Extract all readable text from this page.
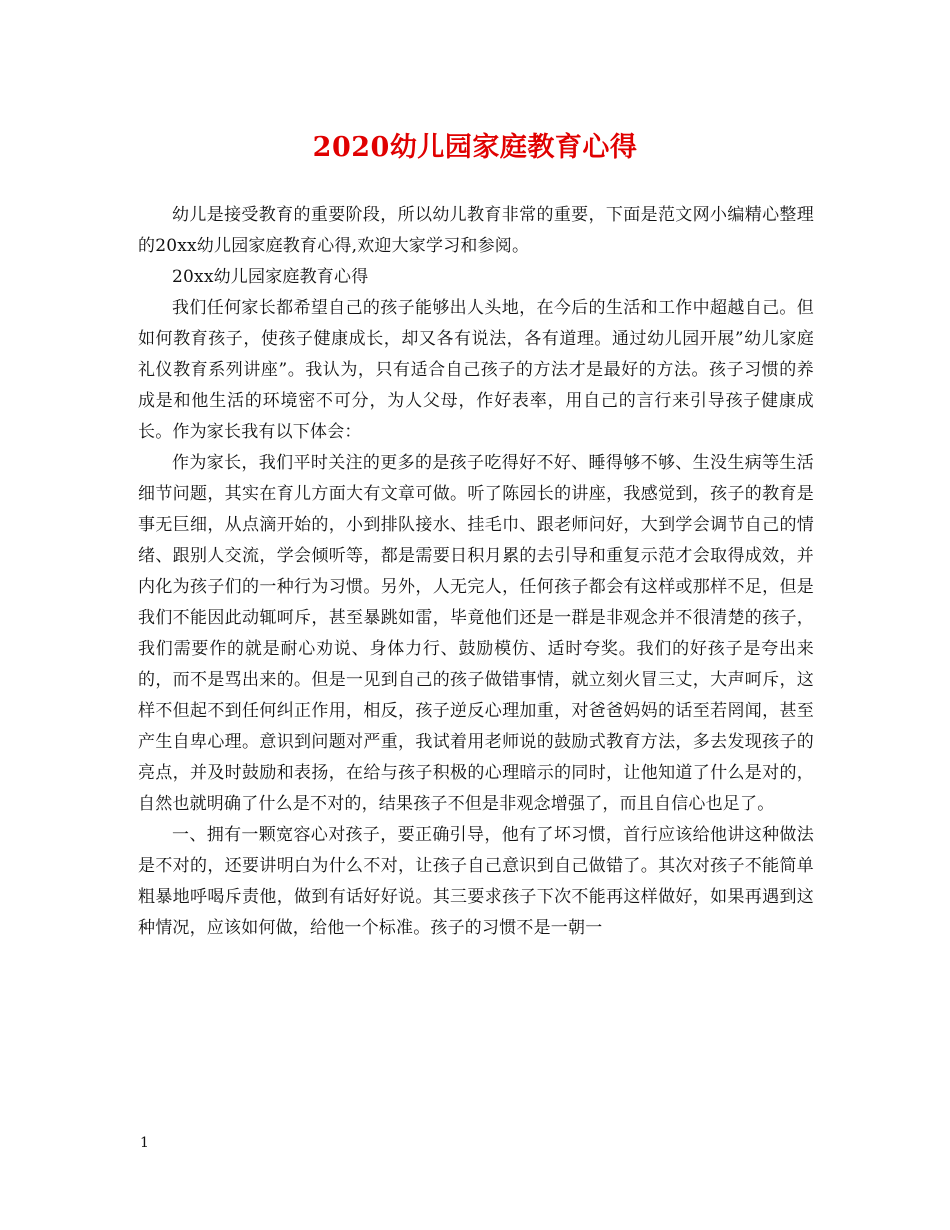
2020幼儿园家庭教育心得

幼儿是接受教育的重要阶段，所以幼儿教育非常的重要，下面是范文网小编精心整理的20xx幼儿园家庭教育心得,欢迎大家学习和参阅。

20xx幼儿园家庭教育心得

我们任何家长都希望自己的孩子能够出人头地，在今后的生活和工作中超越自己。但如何教育孩子，使孩子健康成长，却又各有说法，各有道理。通过幼儿园开展”幼儿家庭礼仪教育系列讲座”。我认为，只有适合自己孩子的方法才是最好的方法。孩子习惯的养成是和他生活的环境密不可分，为人父母，作好表率，用自己的言行来引导孩子健康成长。作为家长我有以下体会：

作为家长，我们平时关注的更多的是孩子吃得好不好、睡得够不够、生没生病等生活细节问题，其实在育儿方面大有文章可做。听了陈园长的讲座，我感觉到，孩子的教育是事无巨细，从点滴开始的，小到排队接水、挂毛巾、跟老师问好，大到学会调节自己的情绪、跟别人交流，学会倾听等，都是需要日积月累的去引导和重复示范才会取得成效，并内化为孩子们的一种行为习惯。另外，人无完人，任何孩子都会有这样或那样不足，但是我们不能因此动辄呵斥，甚至暴跳如雷，毕竟他们还是一群是非观念并不很清楚的孩子，我们需要作的就是耐心劝说、身体力行、鼓励模仿、适时夸奖。我们的好孩子是夸出来的，而不是骂出来的。但是一见到自己的孩子做错事情，就立刻火冒三丈，大声呵斥，这样不但起不到任何纠正作用，相反，孩子逆反心理加重，对爸爸妈妈的话至若罔闻，甚至产生自卑心理。意识到问题对严重，我试着用老师说的鼓励式教育方法，多去发现孩子的亮点，并及时鼓励和表扬，在给与孩子积极的心理暗示的同时，让他知道了什么是对的，自然也就明确了什么是不对的，结果孩子不但是非观念增强了，而且自信心也足了。

一、拥有一颗宽容心对孩子，要正确引导，他有了坏习惯，首行应该给他讲这种做法是不对的，还要讲明白为什么不对，让孩子自己意识到自己做错了。其次对孩子不能简单粗暴地呼喝斥责他，做到有话好好说。其三要求孩子下次不能再这样做好，如果再遇到这种情况，应该如何做，给他一个标准。孩子的习惯不是一朝一

1
